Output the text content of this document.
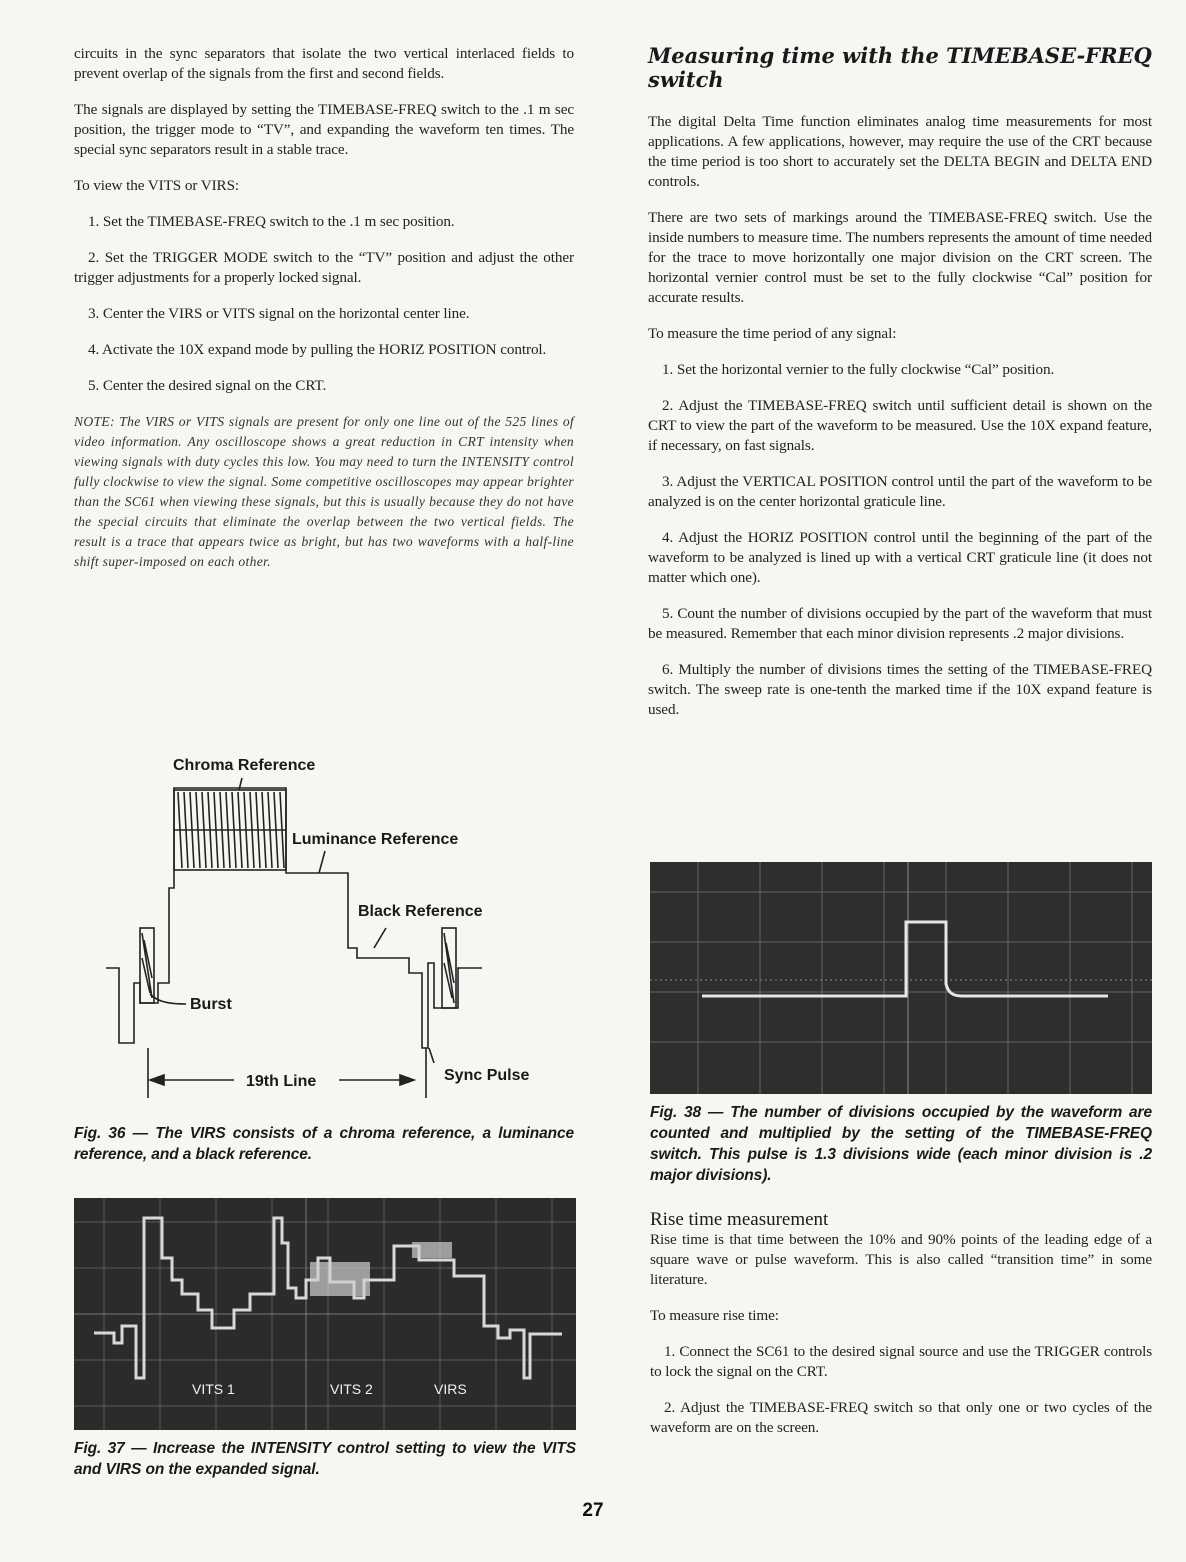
circuits in the sync separators that isolate the two vertical interlaced fields to prevent overlap of the signals from the first and second fields.

The signals are displayed by setting the TIMEBASE-FREQ switch to the .1 m sec position, the trigger mode to “TV”, and expanding the waveform ten times. The special sync separators result in a stable trace.

To view the VITS or VIRS:

1. Set the TIMEBASE-FREQ switch to the .1 m sec position.

2. Set the TRIGGER MODE switch to the “TV” position and adjust the other trigger adjustments for a properly locked signal.

3. Center the VIRS or VITS signal on the horizontal center line.

4. Activate the 10X expand mode by pulling the HORIZ POSITION control.

5. Center the desired signal on the CRT.

NOTE: The VIRS or VITS signals are present for only one line out of the 525 lines of video information. Any oscilloscope shows a great reduction in CRT intensity when viewing signals with duty cycles this low. You may need to turn the INTENSITY control fully clockwise to view the signal. Some competitive oscilloscopes may appear brighter than the SC61 when viewing these signals, but this is usually because they do not have the special circuits that eliminate the overlap between the two vertical fields. The result is a trace that appears twice as bright, but has two waveforms with a half-line shift super-imposed on each other.

Chroma Reference
Luminance Reference
Black Reference
Burst
19th Line	Sync Pulse

Fig. 36 — The VIRS consists of a chroma reference, a luminance reference, and a black reference.

VITS 1	VITS 2	VIRS

Fig. 37 — Increase the INTENSITY control setting to view the VITS and VIRS on the expanded signal.

Measuring time with the TIMEBASE-FREQ switch

The digital Delta Time function eliminates analog time measurements for most applications. A few applications, however, may require the use of the CRT because the time period is too short to accurately set the DELTA BEGIN and DELTA END controls.

There are two sets of markings around the TIMEBASE-FREQ switch. Use the inside numbers to measure time. The numbers represents the amount of time needed for the trace to move horizontally one major division on the CRT screen. The horizontal vernier control must be set to the fully clockwise “Cal” position for accurate results.

To measure the time period of any signal:

1. Set the horizontal vernier to the fully clockwise “Cal” position.

2. Adjust the TIMEBASE-FREQ switch until sufficient detail is shown on the CRT to view the part of the waveform to be measured. Use the 10X expand feature, if necessary, on fast signals.

3. Adjust the VERTICAL POSITION control until the part of the waveform to be analyzed is on the center horizontal graticule line.

4. Adjust the HORIZ POSITION control until the beginning of the part of the waveform to be analyzed is lined up with a vertical CRT graticule line (it does not matter which one).

5. Count the number of divisions occupied by the part of the waveform that must be measured. Remember that each minor division represents .2 major divisions.

6. Multiply the number of divisions times the setting of the TIMEBASE-FREQ switch. The sweep rate is one-tenth the marked time if the 10X expand feature is used.

Fig. 38 — The number of divisions occupied by the waveform are counted and multiplied by the setting of the TIMEBASE-FREQ switch. This pulse is 1.3 divisions wide (each minor division is .2 major divisions).

Rise time measurement

Rise time is that time between the 10% and 90% points of the leading edge of a square wave or pulse waveform. This is also called “transition time” in some literature.

To measure rise time:

1. Connect the SC61 to the desired signal source and use the TRIGGER controls to lock the signal on the CRT.

2. Adjust the TIMEBASE-FREQ switch so that only one or two cycles of the waveform are on the screen.

27
